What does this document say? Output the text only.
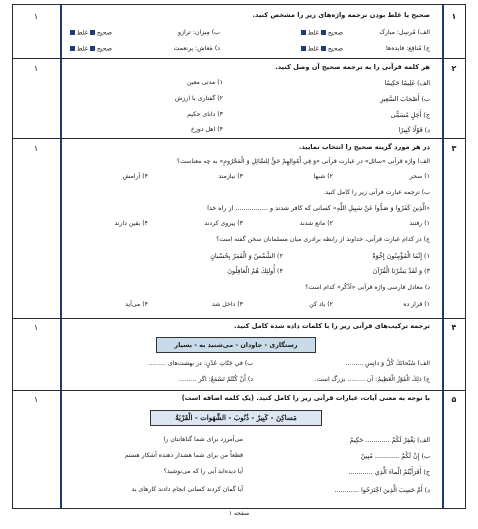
۱
۱	صحیح یا غلط بودن ترجمه واژه‌های زیر را مشخص کنید.
الف) مُرسِل: مبارک
صحیحغلط
ب) مِیزان: ترازو
صحیحغلط
ج) مُنافِع: فایده‌ها
صحیحغلط
د) مَعاش: پرنعمت
صحیحغلط
۲
۱	هر کلمه قرآنی را به ترجمه صحیح آن وصل کنید.
الف) عَلِيمًا حَكِيمًا
ب) أَصْحابَ السَّعِيرِ
ج) أَجَلٍ مُسَمًّى
د) قَوْلًا كَبِيرًا
۱) مدتی معین
۲) گفتاری با ارزش
۳) دانای حکیم
۴) اهل دوزخ
۳
۱	در هر مورد گزینه صحیح را انتخاب نمایید.
الف) واژه قرآنی «سائل» در عبارت قرآنی «وَ فِي أَمْوالِهِمْ حَقٌّ لِلسَّائِلِ وَ الْمَحْرُومِ» به چه معناست؟
۱) سحر
۲) شبها
۳) نیازمند
۴) آرامش
ب) ترجمه عبارت قرآنی زیر را کامل کنید.
«الَّذِينَ كَفَرُوا وَ صَدُّوا عَنْ سَبِيلِ اللَّهِ» کسانی که کافر شدند و ................ از راه خدا
۱) رفتند
۲) مانع شدند
۳) پیروی کردند
۴) یقین دارند
ج) در کدام عبارت قرآنی، خداوند از رابطه برادری میان مسلمانان سخن گفته است؟
۱) إِنَّمَا الْمُؤْمِنُونَ إِخْوَةٌ
۲) الشَّمْسُ وَ الْقَمَرُ بِحُسْبانٍ
۳) وَ لَقَدْ يَسَّرْنَا الْقُرْآنَ
۴) أُولئِكَ هُمُ الْغافِلُونَ
د) معادل فارسی واژه قرآنی «اَذْكُر» کدام است؟
۱) قرار ده
۲) یاد کن
۳) داخل شد
۴) می‌آید
۴
۱	ترجمه ترکیب‌های قرآنی زیر را با کلمات داده شده کامل کنید.
رستگاری - جاودان - می‌شنید به - بسیار
الف) سُبْحانَكَ كُلَّ وَ دانِسِ .........
ب) في جَنّاتِ عَدْنٍ: در بهشت‌های .........
ج) ذلِكَ الْفَوْزُ الْعَظِيمُ: آن ......... بزرگ است.
د) أَنْ كُنْتُمْ تَسْمَعُ: اگر .........
۵
۱	با توجه به معنی آیات، عبارات قرآنی زیر را کامل کنید. (یک کلمه اضافه است)
مَساكِنَ - كَبِيرٌ - ذُنُوبَ - الشَّهَوات - الْقَرْيَةُ
الف) يَغْفِرْ لَكُمْ ............ حَكِيمٌ
می‌آمرزد برای شما گناهانتان را
ب) إِنْ لَكُمْ ............ مُبِينٌ
قطعاً من برای شما هشدار دهنده آشکار هستم
ج) أَفَرَأَيْتُمُ الْماءَ الَّذِي ............
آیا دیده‌اید آبی را که می‌نوشید؟
د) أَمْ حَسِبَ الَّذِينَ اجْتَرَحُوا ............
آیا گمان کردند کسانی انجام دادند کارهای بد
صفحه ۱
